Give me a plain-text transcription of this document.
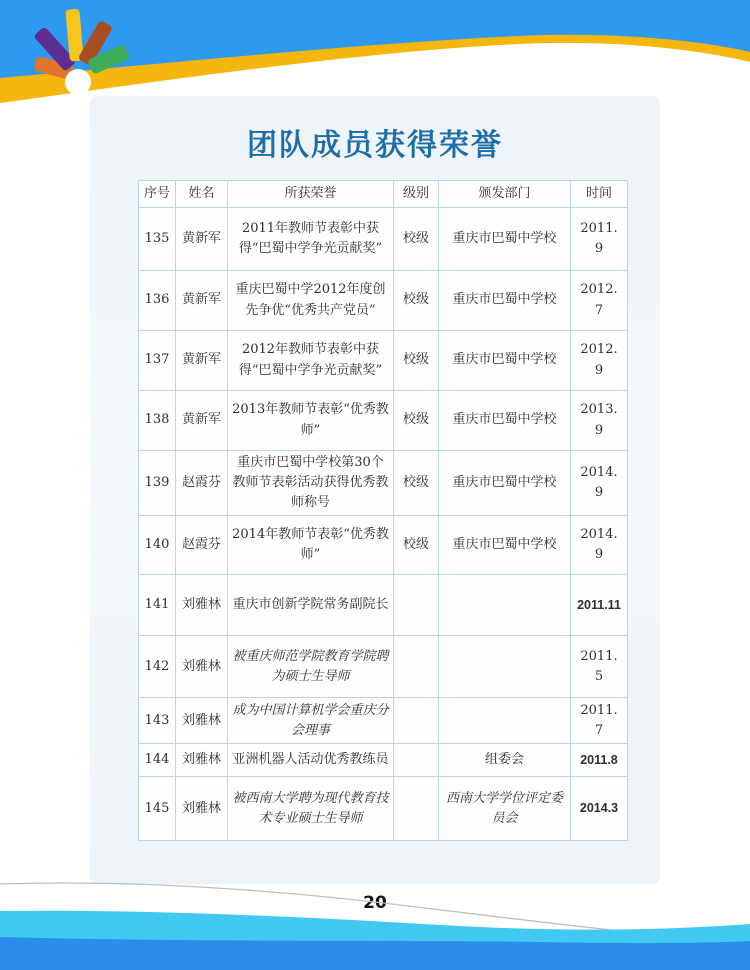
团队成员获得荣誉
序号	姓名	所获荣誉	级别	颁发部门	时间
135	黄新军	2011年教师节表彰中获得“巴蜀中学争光贡献奖”	校级	重庆市巴蜀中学校	2011. 9
136	黄新军	重庆巴蜀中学2012年度创先争优“优秀共产党员”	校级	重庆市巴蜀中学校	2012. 7
137	黄新军	2012年教师节表彰中获得“巴蜀中学争光贡献奖”	校级	重庆市巴蜀中学校	2012. 9
138	黄新军	2013年教师节表彰“优秀教师”	校级	重庆市巴蜀中学校	2013. 9
139	赵霞芬	重庆市巴蜀中学校第30个教师节表彰活动获得优秀教师称号	校级	重庆市巴蜀中学校	2014. 9
140	赵霞芬	2014年教师节表彰“优秀教师”	校级	重庆市巴蜀中学校	2014. 9
141	刘雅林	重庆市创新学院常务副院长			2011.11
142	刘雅林	被重庆师范学院教育学院聘为硕士生导师			2011. 5
143	刘雅林	成为中国计算机学会重庆分会理事			2011. 7
144	刘雅林	亚洲机器人活动优秀教练员		组委会	2011.8
145	刘雅林	被西南大学聘为现代教育技术专业硕士生导师		西南大学学位评定委员会	2014.3
20
